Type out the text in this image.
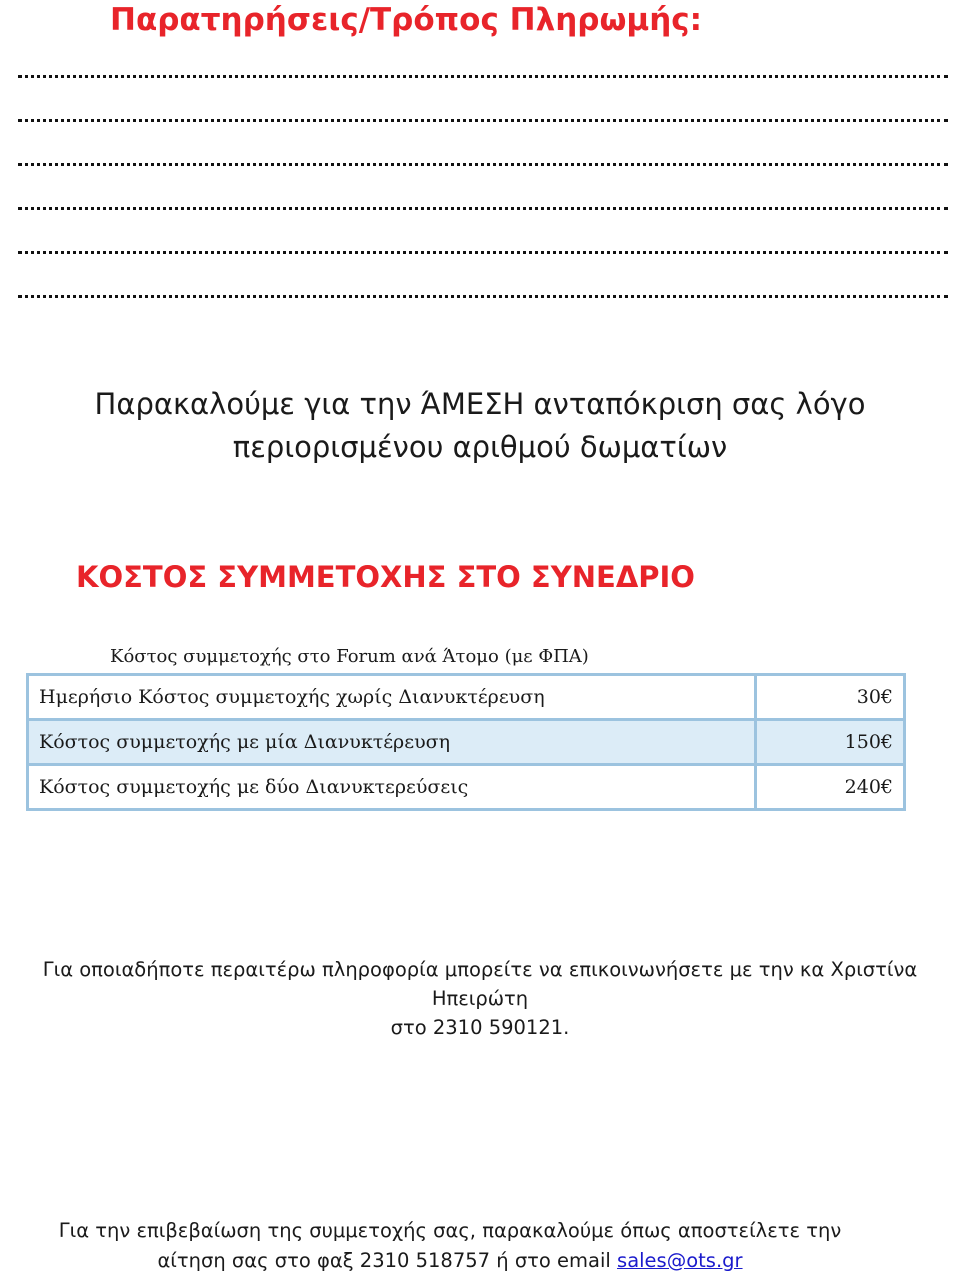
Παρατηρήσεις/Τρόπος Πληρωμής:
Παρακαλούμε για την ΆΜΕΣΗ ανταπόκριση σας λόγο
περιορισμένου αριθμού δωματίων
ΚΟΣΤΟΣ ΣΥΜΜΕΤΟΧΗΣ ΣΤΟ ΣΥΝΕΔΡΙΟ
Κόστος συμμετοχής στο Forum ανά Άτομο (με ΦΠΑ)
Ημερήσιο Κόστος συμμετοχής χωρίς Διανυκτέρευση	30€
Κόστος συμμετοχής με μία Διανυκτέρευση	150€
Κόστος συμμετοχής με δύο Διανυκτερεύσεις	240€
Για οποιαδήποτε περαιτέρω πληροφορία μπορείτε να επικοινωνήσετε με την κα Χριστίνα
Ηπειρώτη
στο 2310 590121.
Για την επιβεβαίωση της συμμετοχής σας, παρακαλούμε όπως αποστείλετε την
αίτηση σας στο φαξ 2310 518757 ή στο email sales@ots.gr
